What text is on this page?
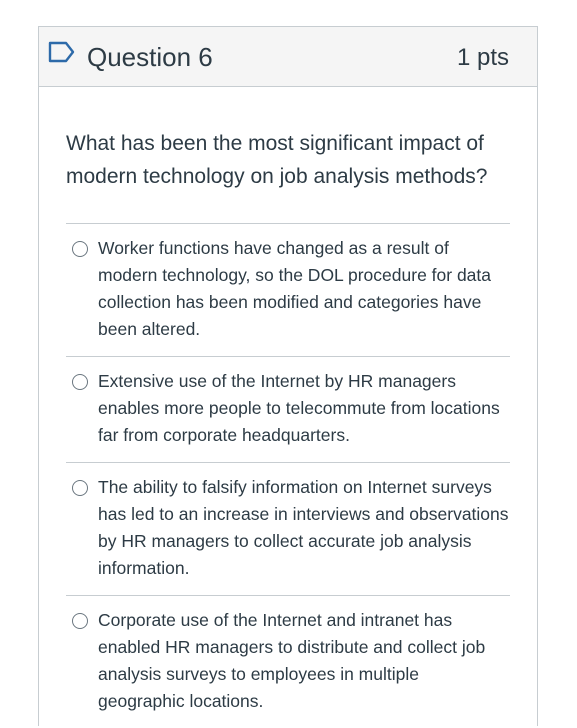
Question 6	1 pts

What has been the most significant impact of modern technology on job analysis methods?

Worker functions have changed as a result of modern technology, so the DOL procedure for data collection has been modified and categories have been altered.
Extensive use of the Internet by HR managers enables more people to telecommute from locations far from corporate headquarters.
The ability to falsify information on Internet surveys has led to an increase in interviews and observations by HR managers to collect accurate job analysis information.
Corporate use of the Internet and intranet has enabled HR managers to distribute and collect job analysis surveys to employees in multiple geographic locations.
